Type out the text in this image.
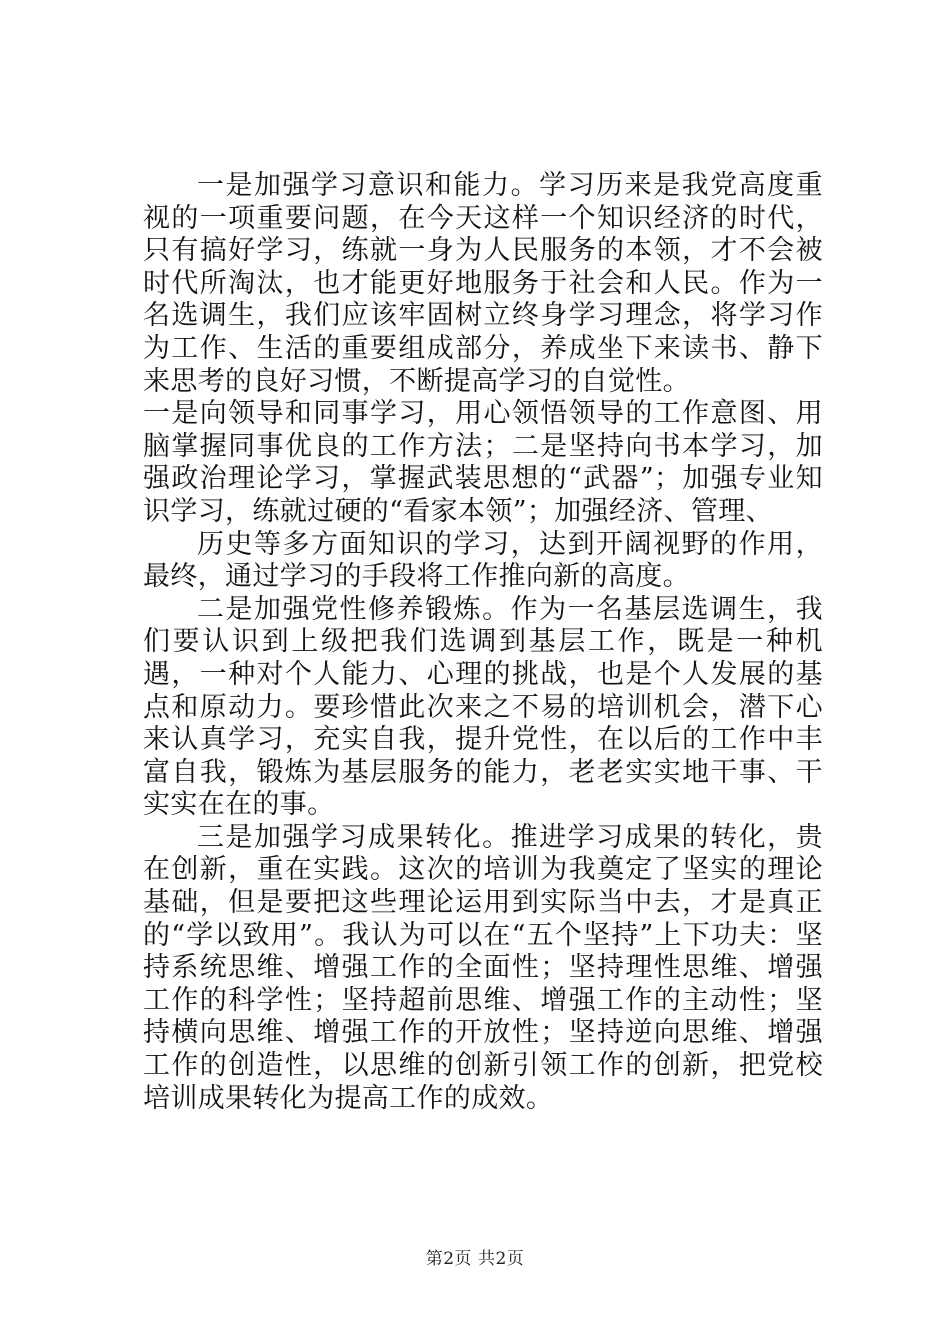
一是加强学习意识和能力。学习历来是我党高度重视的一项重要问题，在今天这样一个知识经济的时代，只有搞好学习，练就一身为人民服务的本领，才不会被时代所淘汰，也才能更好地服务于社会和人民。作为一名选调生，我们应该牢固树立终身学习理念，将学习作为工作、生活的重要组成部分，养成坐下来读书、静下来思考的良好习惯，不断提高学习的自觉性。

一是向领导和同事学习，用心领悟领导的工作意图、用脑掌握同事优良的工作方法；二是坚持向书本学习，加强政治理论学习，掌握武装思想的“武器”；加强专业知识学习，练就过硬的“看家本领”；加强经济、管理、

历史等多方面知识的学习，达到开阔视野的作用，最终，通过学习的手段将工作推向新的高度。

二是加强党性修养锻炼。作为一名基层选调生，我们要认识到上级把我们选调到基层工作，既是一种机遇，一种对个人能力、心理的挑战，也是个人发展的基点和原动力。要珍惜此次来之不易的培训机会，潜下心来认真学习，充实自我，提升党性，在以后的工作中丰富自我，锻炼为基层服务的能力，老老实实地干事、干实实在在的事。

三是加强学习成果转化。推进学习成果的转化，贵在创新，重在实践。这次的培训为我奠定了坚实的理论基础，但是要把这些理论运用到实际当中去，才是真正的“学以致用”。我认为可以在“五个坚持”上下功夫：坚持系统思维、增强工作的全面性；坚持理性思维、增强工作的科学性；坚持超前思维、增强工作的主动性；坚持横向思维、增强工作的开放性；坚持逆向思维、增强工作的创造性，以思维的创新引领工作的创新，把党校培训成果转化为提高工作的成效。

第2页 共2页
